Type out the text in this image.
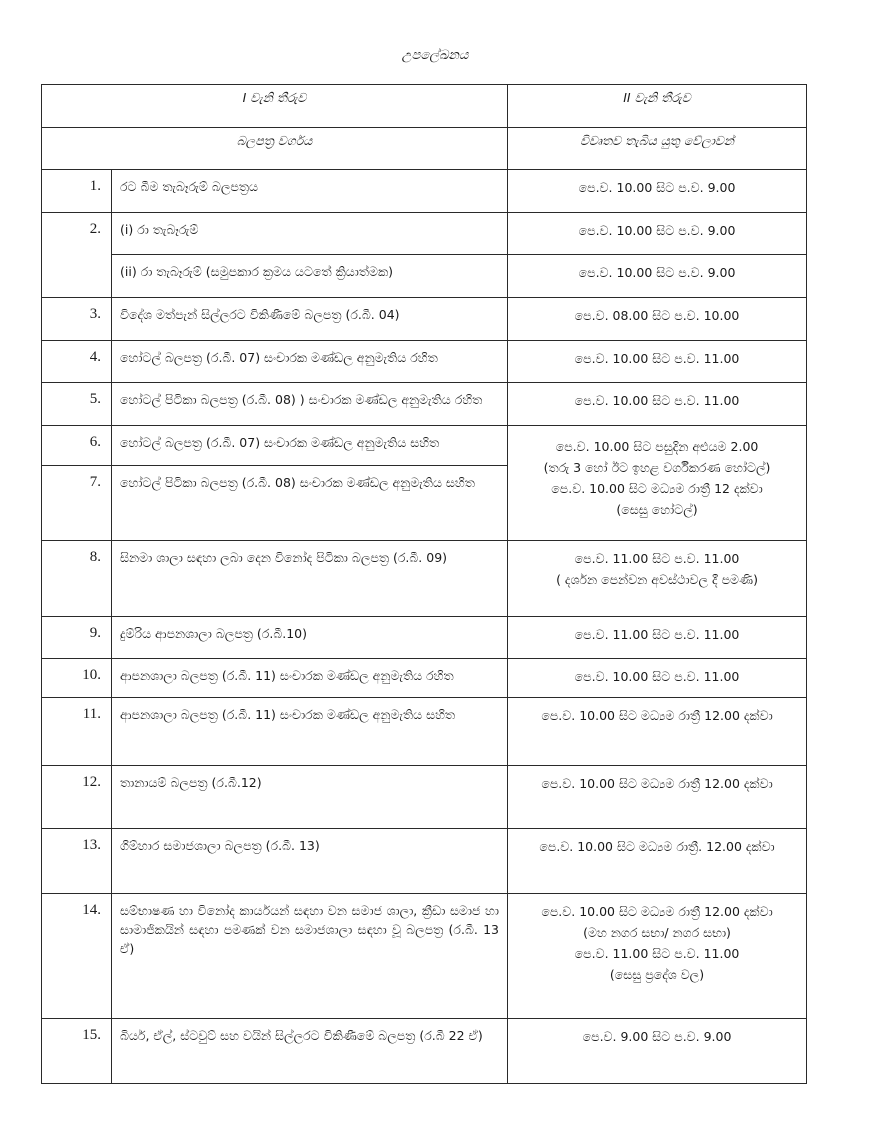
උපලේඛනය
I වැනි තීරුව		II වැනි තීරුව
බලපත්‍ර වර්ගය		විවෘතව තැබිය යුතු වේලාවන්
1.	රට බීම තැබෑරුම් බලපත්‍රය	පෙ.ව. 10.00 සිට ප.ව. 9.00

2.	(i) රා තැබෑරුම්	පෙ.ව. 10.00 සිට ප.ව. 9.00

	(ii) රා තැබෑරුම් (සමුපකාර ක්‍රමය යටතේ ක්‍රියාත්මක)	පෙ.ව. 10.00 සිට ප.ව. 9.00

3.	විදේශ මත්පැන් සිල්ලරට විකිණීමේ බලපත්‍ර (ර.බී. 04)	පෙ.ව. 08.00 සිට ප.ව. 10.00

4.	හෝටල් බලපත්‍ර (ර.බී. 07) සංචාරක මණ්ඩල අනුමැතිය රහිත	පෙ.ව. 10.00 සිට ප.ව. 11.00

5.	හෝටල් පිටිකා බලපත්‍ර (ර.බී. 08) ) සංචාරක මණ්ඩල අනුමැතිය රහිත	පෙ.ව. 10.00 සිට ප.ව. 11.00

6.	හෝටල් බලපත්‍ර (ර.බී. 07) සංචාරක මණ්ඩල අනුමැතිය සහිත	පෙ.ව. 10.00 සිට පසුදින අළුයම 2.00
(තරු 3 හෝ ඊට ඉහළ වර්ගීකරණ හෝටල්)
පෙ.ව. 10.00 සිට මධ්‍යම රාත්‍රී 12 දක්වා
(සෙසු හෝටල්)

7.	හෝටල් පිටිකා බලපත්‍ර (ර.බී. 08) සංචාරක මණ්ඩල අනුමැතිය සහිත	
8.	සිනමා ශාලා සඳහා ලබා දෙන විනෝද පිටිකා බලපත්‍ර (ර.බී. 09)	පෙ.ව. 11.00 සිට ප.ව. 11.00
( දර්ශන පෙන්වන අවස්ථාවල දී පමණි)

9.	දුම්රිය ආපනශාලා බලපත්‍ර (ර.බී.10)	පෙ.ව. 11.00 සිට ප.ව. 11.00

10.	ආපනශාලා බලපත්‍ර (ර.බී. 11) සංචාරක මණ්ඩල අනුමැතිය රහිත	පෙ.ව. 10.00 සිට ප.ව. 11.00

11.	ආපනශාලා බලපත්‍ර (ර.බී. 11) සංචාරක මණ්ඩල අනුමැතිය සහිත	පෙ.ව. 10.00 සිට මධ්‍යම රාත්‍රී 12.00 දක්වා

12.	තානායම් බලපත්‍ර (ර.බී.12)	පෙ.ව. 10.00 සිට මධ්‍යම රාත්‍රී 12.00 දක්වා

13.	ගිම්හාර සමාජශාලා බලපත්‍ර (ර.බී. 13)	පෙ.ව. 10.00 සිට මධ්‍යම රාත්‍රී. 12.00 දක්වා

14.	සම්භාෂණ හා විනෝද කාර්යයන් සඳහා වන සමාජ ශාලා, ක්‍රීඩා සමාජ හා සාමාජිකයින් සඳහා පමණක් වන සමාජශාලා සඳහා වූ බලපත්‍ර (ර.බී. 13 ඒ)	පෙ.ව. 10.00 සිට මධ්‍යම රාත්‍රී 12.00 දක්වා
(මහ නගර සභා/ නගර සභා)
පෙ.ව. 11.00 සිට ප.ව. 11.00
(සෙසු ප්‍රදේශ වල)

15.	බියර්, ඒල්, ස්ටවුට් සහ වයින් සිල්ලරට විකිණීමේ බලපත්‍ර (ර.බී 22 ඒ)	පෙ.ව. 9.00 සිට ප.ව. 9.00
